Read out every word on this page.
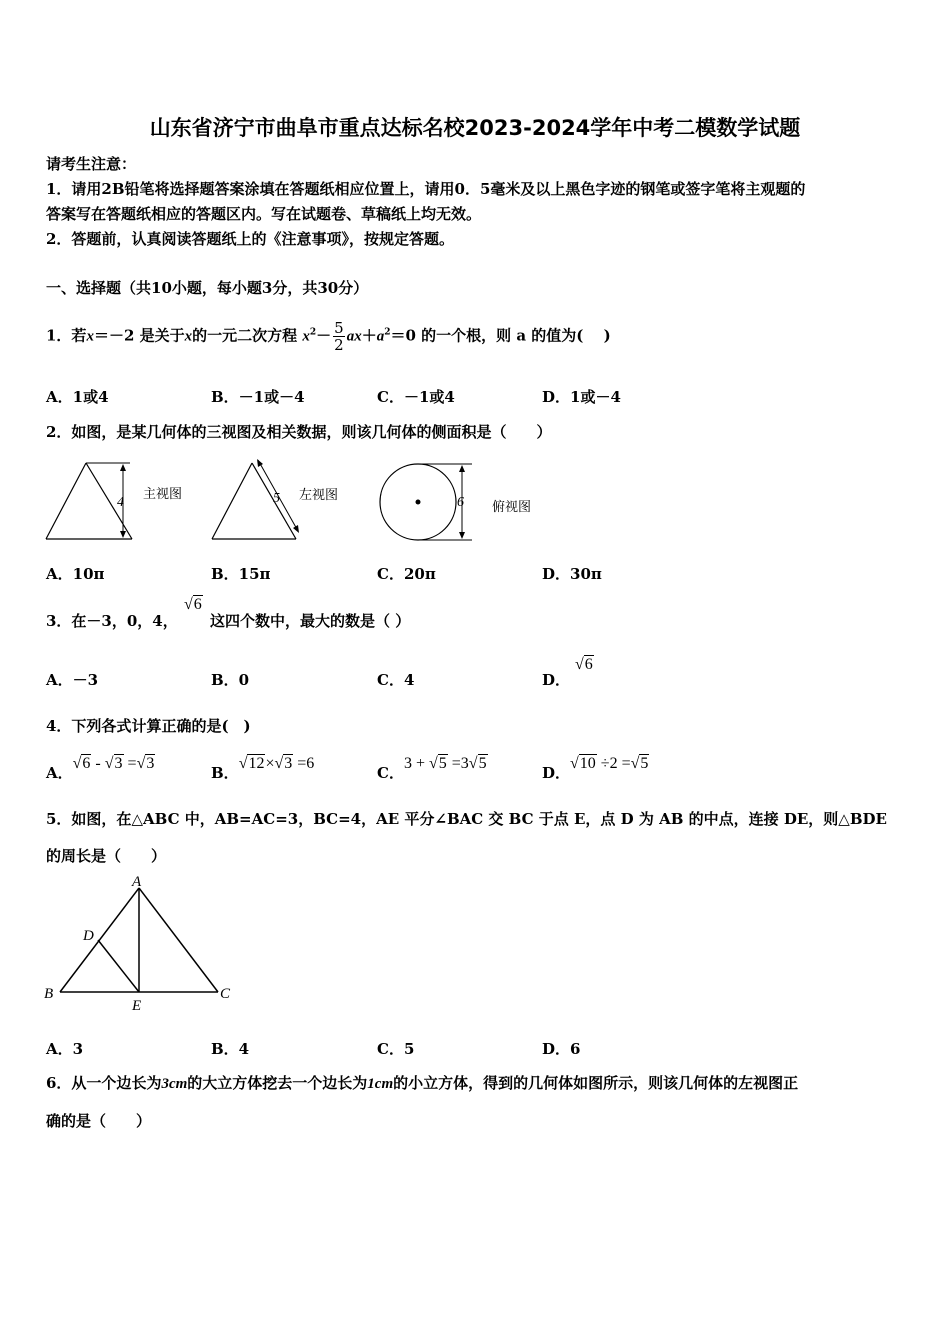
山东省济宁市曲阜市重点达标名校2023-2024学年中考二模数学试题
请考生注意：
1．请用2B铅笔将选择题答案涂填在答题纸相应位置上，请用0．5毫米及以上黑色字迹的钢笔或签字笔将主观题的
答案写在答题纸相应的答题区内。写在试题卷、草稿纸上均无效。
2．答题前，认真阅读答题纸上的《注意事项》，按规定答题。
一、选择题（共10小题，每小题3分，共30分）
1．若x＝－2 是关于x的一元二次方程 $x^2- \frac{5}{2} ax+a^2=0$ 的一个根，则 a 的值为(　 )
A．1或4	B．－1或－4	C．－1或4	D．1或－4
2．如图，是某几何体的三视图及相关数据，则该几何体的侧面积是（　　）
4
主视图	5 左视图	6 俯视图
A．10π	B．15π	C．20π	D．30π
3．在－3，0，4，
√6
这四个数中，最大的数是（ ）
A．－3	B．0	C．4	D．
√6
4．下列各式计算正确的是(　)
A．√6 - √3 =√3
B．√12×√3 =6
C．3 + √5 =3√5
D．√10 ÷2 =√5
5．如图，在△ABC 中，AB=AC=3，BC=4，AE 平分∠BAC 交 BC 于点 E，点 D 为 AB 的中点，连接 DE，则△BDE
的周长是（　　）
A
B	C
D
E
A．3	B．4	C．5	D．6
6．从一个边长为3cm的大立方体挖去一个边长为1cm的小立方体，得到的几何体如图所示，则该几何体的左视图正
确的是（　　）
